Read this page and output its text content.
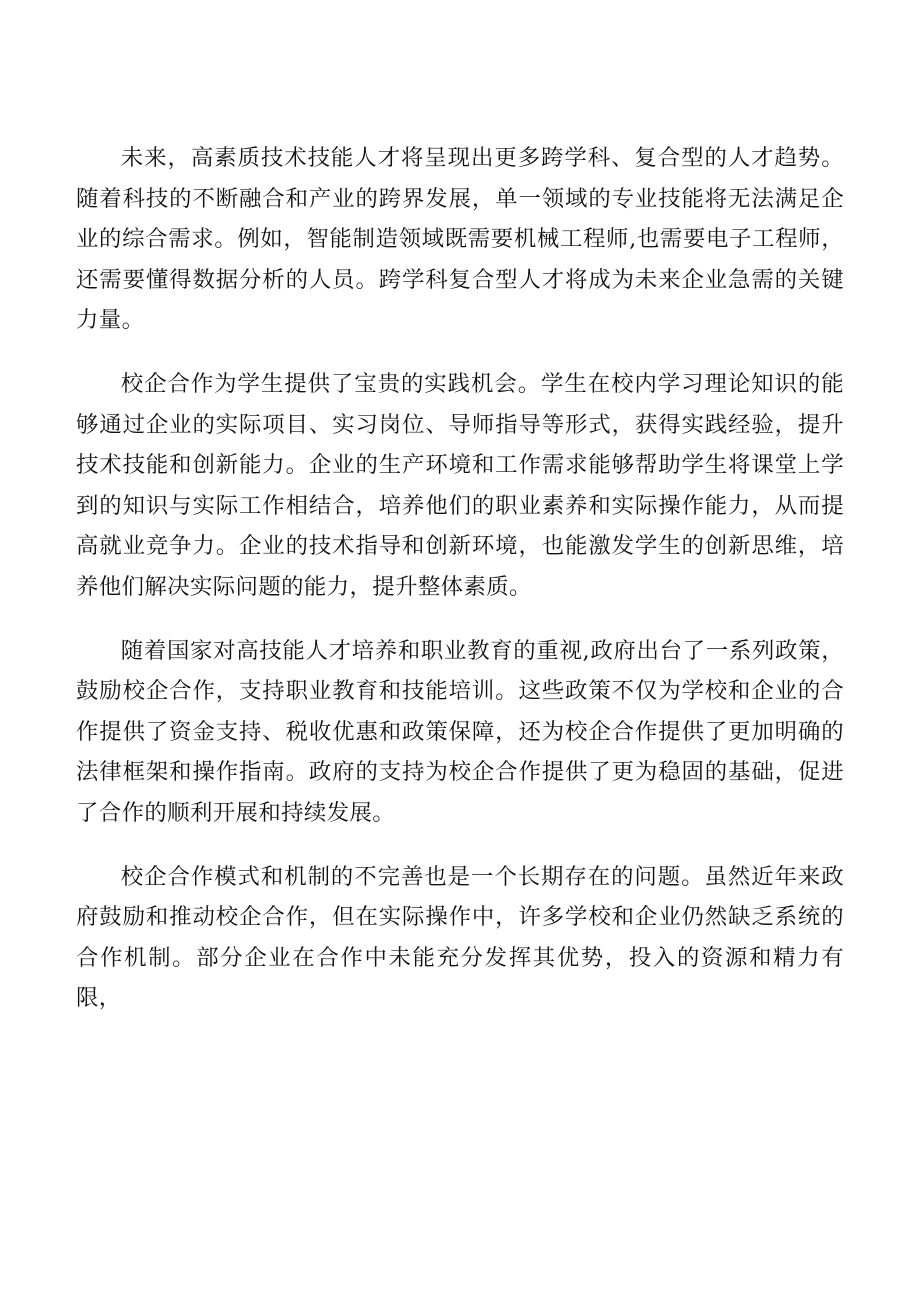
未来，高素质技术技能人才将呈现出更多跨学科、复合型的人才趋势。随着科技的不断融合和产业的跨界发展，单一领域的专业技能将无法满足企业的综合需求。例如，智能制造领域既需要机械工程师,也需要电子工程师，还需要懂得数据分析的人员。跨学科复合型人才将成为未来企业急需的关键力量。

校企合作为学生提供了宝贵的实践机会。学生在校内学习理论知识的能够通过企业的实际项目、实习岗位、导师指导等形式，获得实践经验，提升技术技能和创新能力。企业的生产环境和工作需求能够帮助学生将课堂上学到的知识与实际工作相结合，培养他们的职业素养和实际操作能力，从而提高就业竞争力。企业的技术指导和创新环境，也能激发学生的创新思维，培养他们解决实际问题的能力，提升整体素质。

随着国家对高技能人才培养和职业教育的重视,政府出台了一系列政策，鼓励校企合作，支持职业教育和技能培训。这些政策不仅为学校和企业的合作提供了资金支持、税收优惠和政策保障，还为校企合作提供了更加明确的法律框架和操作指南。政府的支持为校企合作提供了更为稳固的基础，促进了合作的顺利开展和持续发展。

校企合作模式和机制的不完善也是一个长期存在的问题。虽然近年来政府鼓励和推动校企合作，但在实际操作中，许多学校和企业仍然缺乏系统的合作机制。部分企业在合作中未能充分发挥其优势，投入的资源和精力有限，
